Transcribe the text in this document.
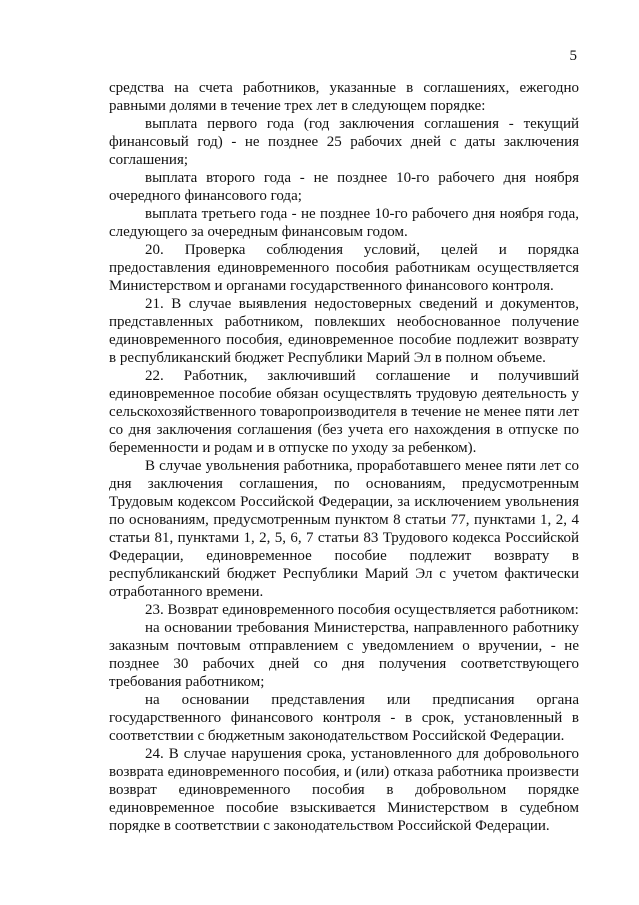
5

средства на счета работников, указанные в соглашениях, ежегодно равными долями в течение трех лет в следующем порядке:

выплата первого года (год заключения соглашения - текущий финансовый год) - не позднее 25 рабочих дней с даты заключения соглашения;

выплата второго года - не позднее 10-го рабочего дня ноября очередного финансового года;

выплата третьего года - не позднее 10-го рабочего дня ноября года, следующего за очередным финансовым годом.

20. Проверка соблюдения условий, целей и порядка предоставления единовременного пособия работникам осуществляется Министерством и органами государственного финансового контроля.

21. В случае выявления недостоверных сведений и документов, представленных работником, повлекших необоснованное получение единовременного пособия, единовременное пособие подлежит возврату в республиканский бюджет Республики Марий Эл в полном объеме.

22. Работник, заключивший соглашение и получивший единовременное пособие обязан осуществлять трудовую деятельность у сельскохозяйственного товаропроизводителя в течение не менее пяти лет со дня заключения соглашения (без учета его нахождения в отпуске по беременности и родам и в отпуске по уходу за ребенком).

В случае увольнения работника, проработавшего менее пяти лет со дня заключения соглашения, по основаниям, предусмотренным Трудовым кодексом Российской Федерации, за исключением увольнения по основаниям, предусмотренным пунктом 8 статьи 77, пунктами 1, 2, 4 статьи 81, пунктами 1, 2, 5, 6, 7 статьи 83 Трудового кодекса Российской Федерации, единовременное пособие подлежит возврату в республиканский бюджет Республики Марий Эл с учетом фактически отработанного времени.

23. Возврат единовременного пособия осуществляется работником:

на основании требования Министерства, направленного работнику заказным почтовым отправлением с уведомлением о вручении, - не позднее 30 рабочих дней со дня получения соответствующего требования работником;

на основании представления или предписания органа государственного финансового контроля - в срок, установленный в соответствии с бюджетным законодательством Российской Федерации.

24. В случае нарушения срока, установленного для добровольного возврата единовременного пособия, и (или) отказа работника произвести возврат единовременного пособия в добровольном порядке единовременное пособие взыскивается Министерством в судебном порядке в соответствии с законодательством Российской Федерации.
